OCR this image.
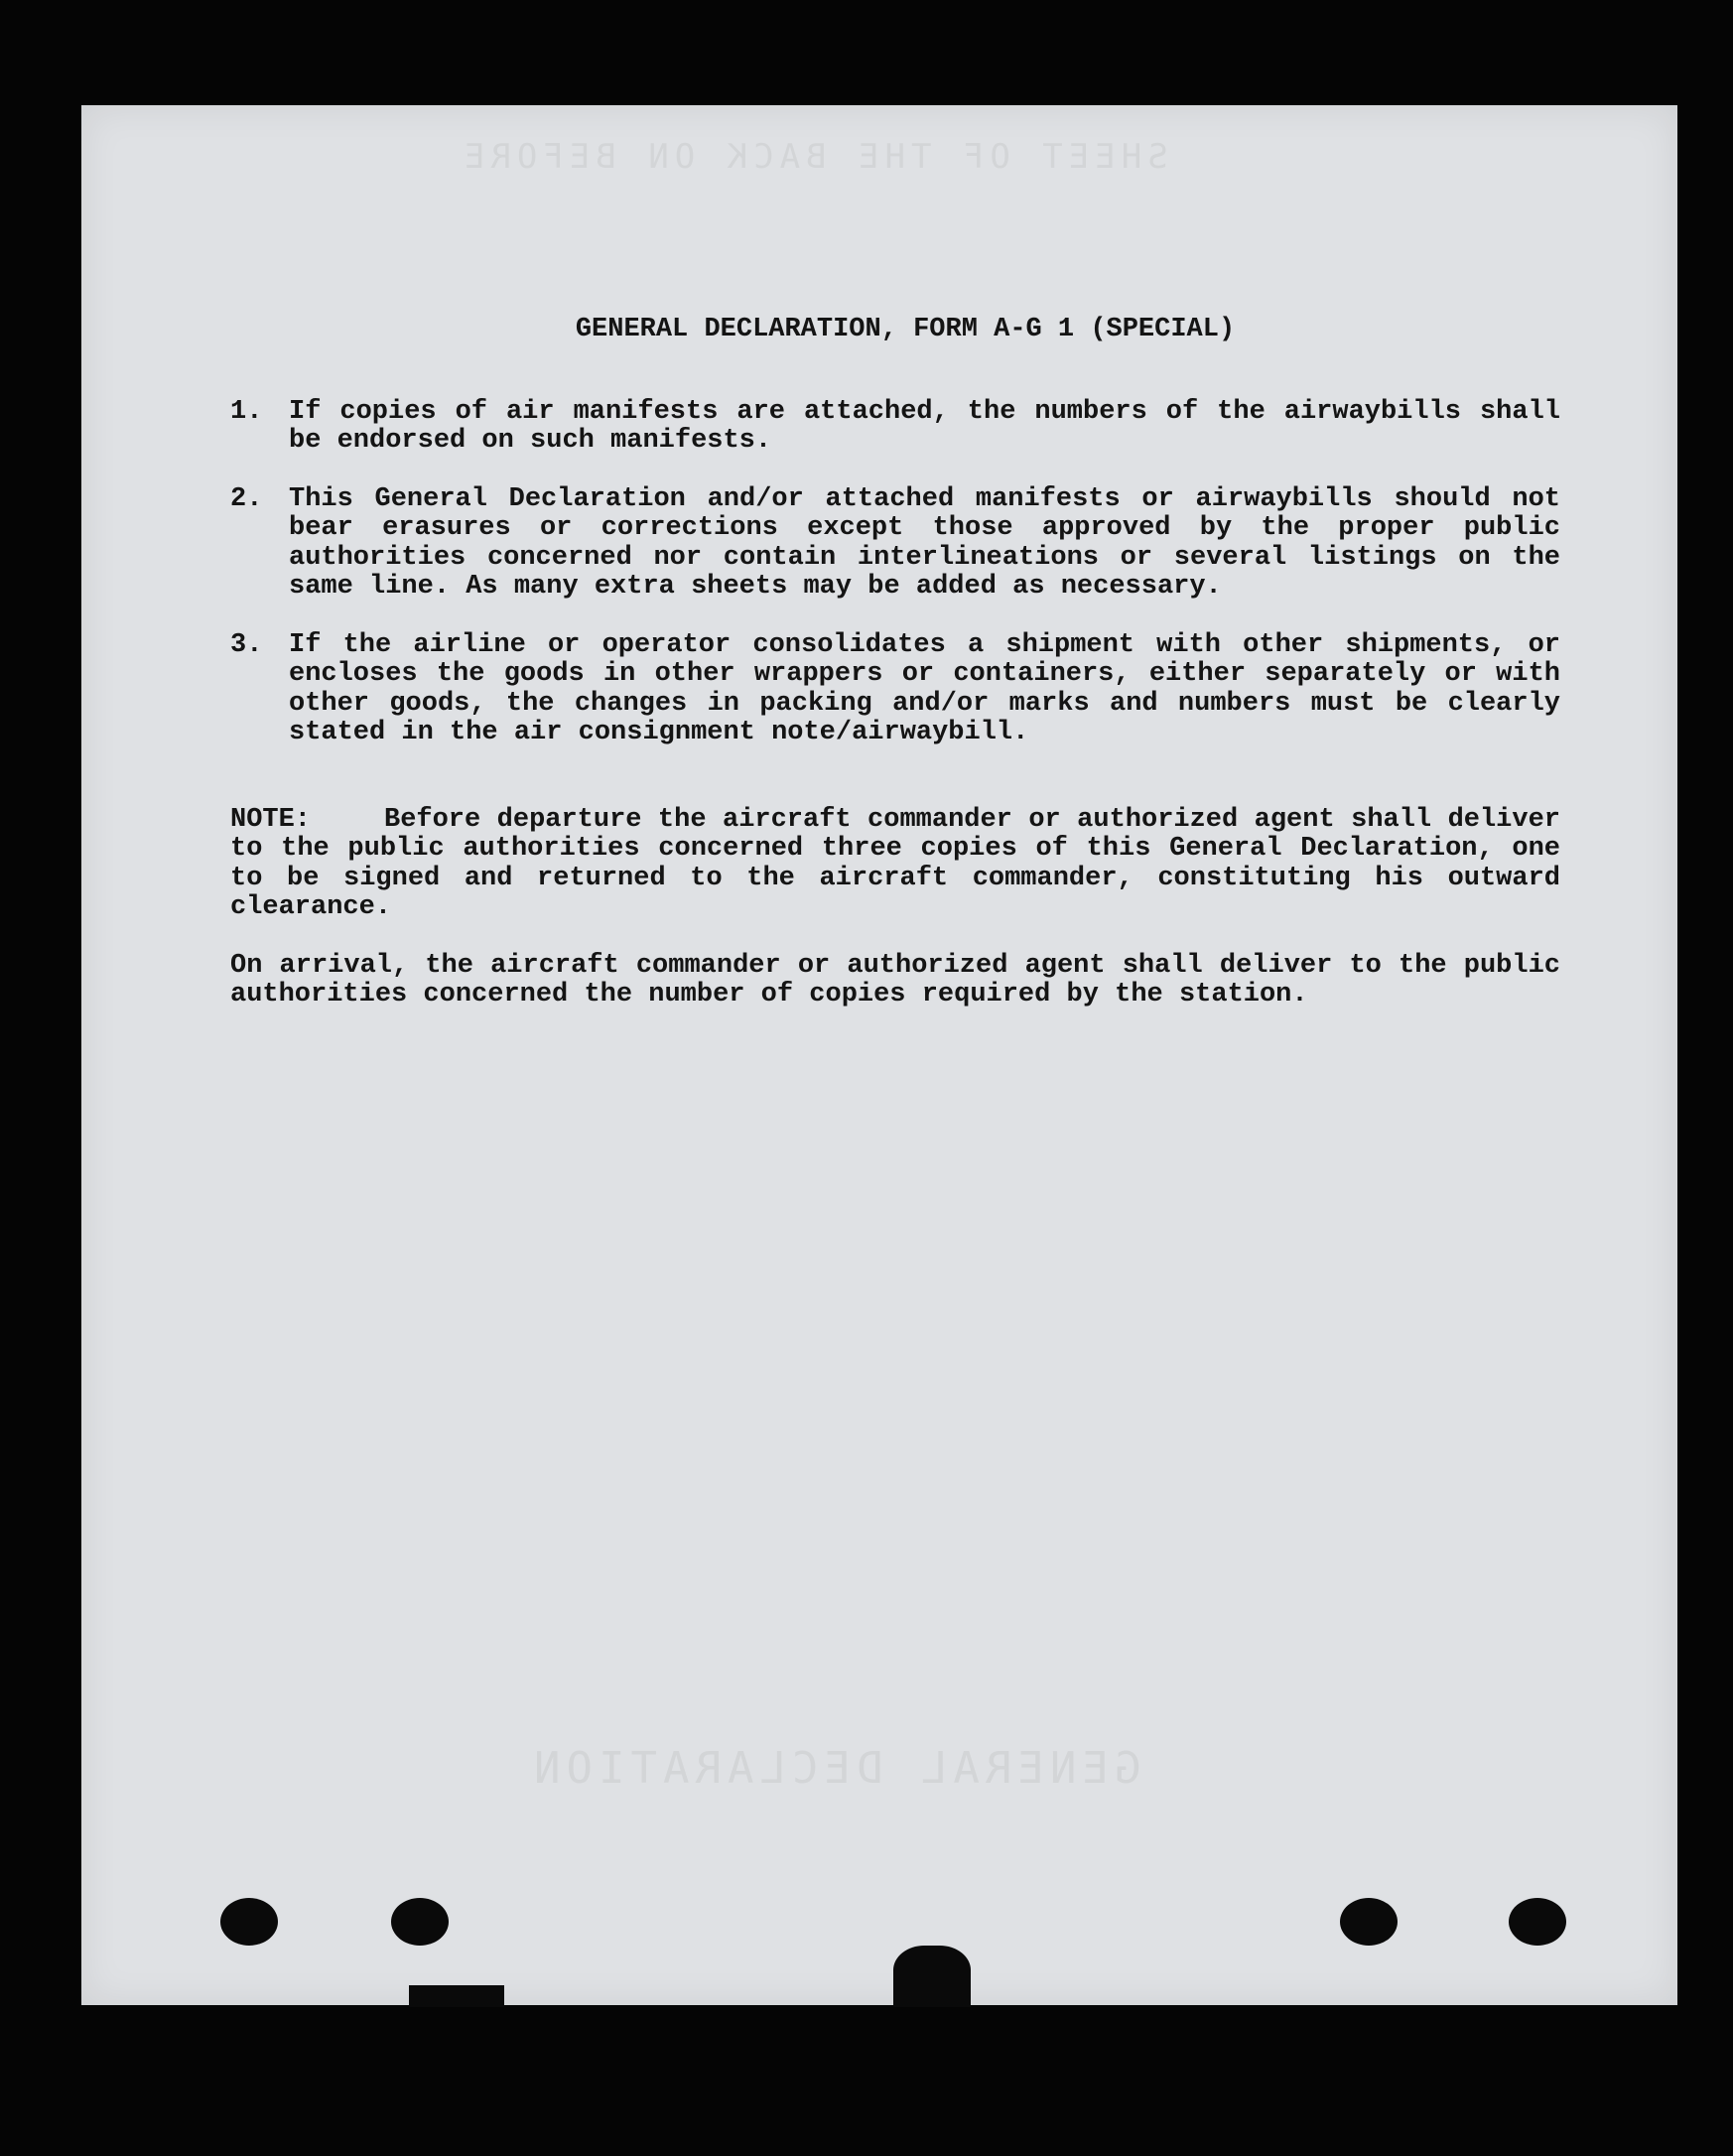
SHEET OF THE BACK ON BEFORE
GENERAL DECLARATION
GENERAL DECLARATION, FORM A-G 1 (SPECIAL)
1. If copies of air manifests are attached, the numbers of the airwaybills shall be endorsed on such manifests.
2. This General Declaration and/or attached manifests or airwaybills should not bear erasures or corrections except those approved by the proper public authorities concerned nor contain interlineations or several listings on the same line. As many extra sheets may be added as necessary.
3. If the airline or operator consolidates a shipment with other shipments, or encloses the goods in other wrappers or containers, either separately or with other goods, the changes in packing and/or marks and numbers must be clearly stated in the air consignment note/airwaybill.
NOTE:	Before departure the aircraft commander or authorized agent shall deliver to the public authorities concerned three copies of this General Declaration, one to be signed and returned to the aircraft commander, constituting his outward clearance.
On arrival, the aircraft commander or authorized agent shall deliver to the public authorities concerned the number of copies required by the station.
